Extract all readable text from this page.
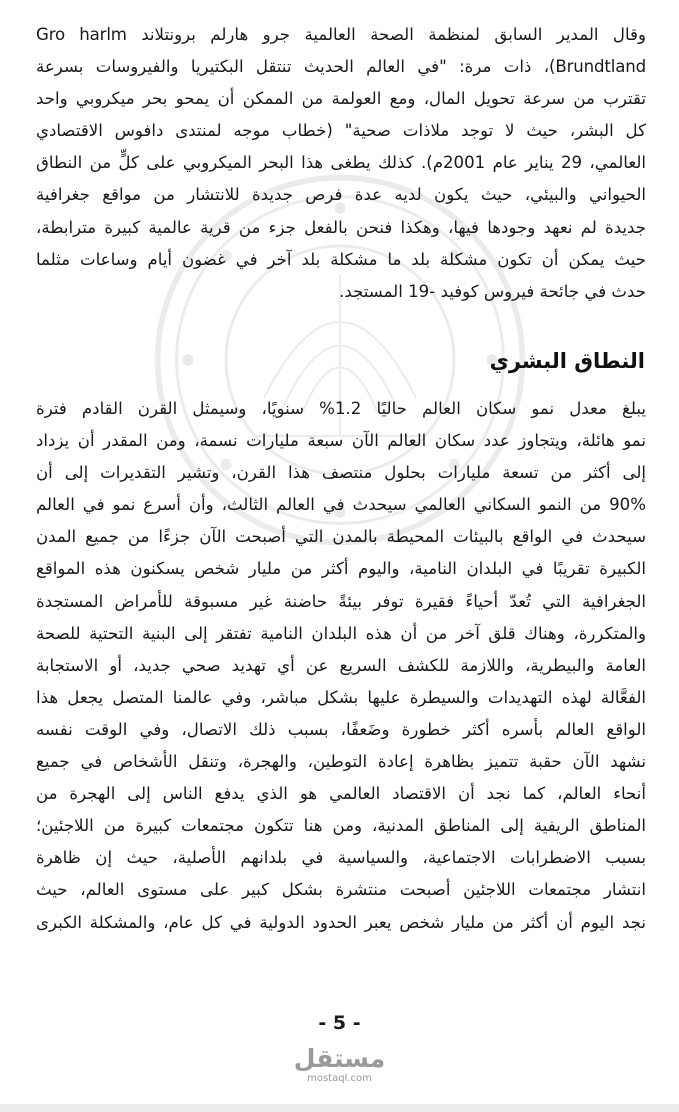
وقال المدير السابق لمنظمة الصحة العالمية جرو هارلم برونتلاند Gro harlm
Brundtland)، ذات مرة: "في العالم الحديث تنتقل البكتيريا والفيروسات بسرعة
تقترب من سرعة تحويل المال، ومع العولمة من الممكن أن يمحو بحر ميكروبي واحد
كل البشر، حيث لا توجد ملاذات صحية" (خطاب موجه لمنتدى دافوس الاقتصادي
العالمي، 29 يناير عام 2001م). كذلك يطغى هذا البحر الميكروبي على كلٍّ من النطاق
الحيواني والبيئي، حيث يكون لديه عدة فرص جديدة للانتشار من مواقع جغرافية
جديدة لم نعهد وجودها فيها، وهكذا فنحن بالفعل جزء من قرية عالمية كبيرة مترابطة،
حيث يمكن أن تكون مشكلة بلد ما مشكلة بلد آخر في غضون أيام وساعات مثلما
حدث في جائحة فيروس كوفيد -19 المستجد.
النطاق البشري
يبلغ معدل نمو سكان العالم حاليًا 1.2% سنويًا، وسيمثل القرن القادم فترة
نمو هائلة، ويتجاوز عدد سكان العالم الآن سبعة مليارات نسمة، ومن المقدر أن يزداد
إلى أكثر من تسعة مليارات بحلول منتصف هذا القرن، وتشير التقديرات إلى أن
90% من النمو السكاني العالمي سيحدث في العالم الثالث، وأن أسرع نمو في العالم
سيحدث في الواقع بالبيئات المحيطة بالمدن التي أصبحت الآن جزءًا من جميع المدن
الكبيرة تقريبًا في البلدان النامية، واليوم أكثر من مليار شخص يسكنون هذه المواقع
الجغرافية التي تُعدّ أحياءً فقيرة توفر بيئةً حاضنة غير مسبوقة للأمراض المستجدة
والمتكررة، وهناك قلق آخر من أن هذه البلدان النامية تفتقر إلى البنية التحتية للصحة
العامة والبيطرية، واللازمة للكشف السريع عن أي تهديد صحي جديد، أو الاستجابة
الفعَّالة لهذه التهديدات والسيطرة عليها بشكل مباشر، وفي عالمنا المتصل يجعل هذا
الواقع العالم بأسره أكثر خطورة وضَعفًا، بسبب ذلك الاتصال، وفي الوقت نفسه
نشهد الآن حقبة تتميز بظاهرة إعادة التوطين، والهجرة، وتنقل الأشخاص في جميع
أنحاء العالم، كما نجد أن الاقتصاد العالمي هو الذي يدفع الناس إلى الهجرة من
المناطق الريفية إلى المناطق المدنية، ومن هنا تتكون مجتمعات كبيرة من اللاجئين؛
بسبب الاضطرابات الاجتماعية، والسياسية في بلدانهم الأصلية، حيث إن ظاهرة
انتشار مجتمعات اللاجئين أصبحت منتشرة بشكل كبير على مستوى العالم، حيث
نجد اليوم أن أكثر من مليار شخص يعبر الحدود الدولية في كل عام، والمشكلة الكبرى
- 5 -
مستقل
mostaql.com
